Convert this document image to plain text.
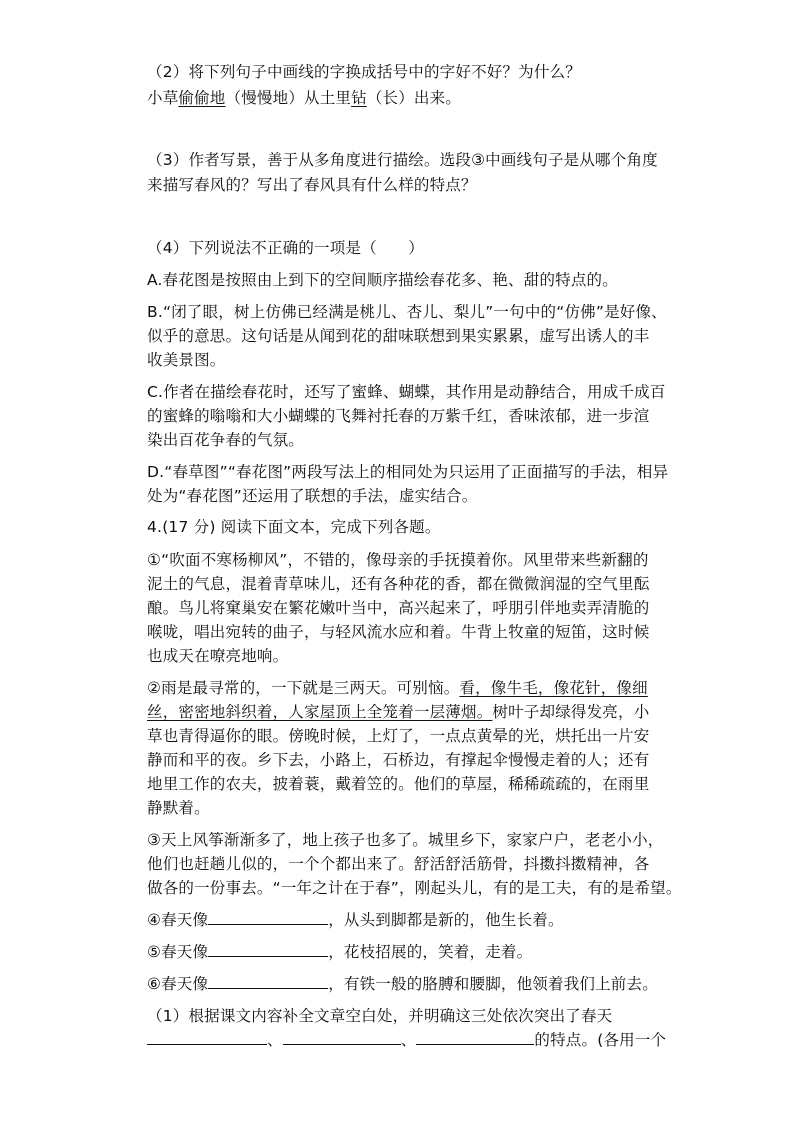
（2）将下列句子中画线的字换成括号中的字好不好？为什么？
小草偷偷地（慢慢地）从土里钻（长）出来。
（3）作者写景，善于从多角度进行描绘。选段③中画线句子是从哪个角度
来描写春风的？写出了春风具有什么样的特点？
（4）下列说法不正确的一项是（　　）
A.春花图是按照由上到下的空间顺序描绘春花多、艳、甜的特点的。
B.“闭了眼，树上仿佛已经满是桃儿、杏儿、梨儿”一句中的“仿佛”是好像、
似乎的意思。这句话是从闻到花的甜味联想到果实累累，虚写出诱人的丰
收美景图。
C.作者在描绘春花时，还写了蜜蜂、蝴蝶，其作用是动静结合，用成千成百
的蜜蜂的嗡嗡和大小蝴蝶的飞舞衬托春的万紫千红，香味浓郁，进一步渲
染出百花争春的气氛。
D.“春草图”“春花图”两段写法上的相同处为只运用了正面描写的手法，相异
处为“春花图”还运用了联想的手法，虚实结合。
4.(17 分) 阅读下面文本，完成下列各题。
①“吹面不寒杨柳风”，不错的，像母亲的手抚摸着你。风里带来些新翻的
泥土的气息，混着青草味儿，还有各种花的香，都在微微润湿的空气里酝
酿。鸟儿将窠巢安在繁花嫩叶当中，高兴起来了，呼朋引伴地卖弄清脆的
喉咙，唱出宛转的曲子，与轻风流水应和着。牛背上牧童的短笛，这时候
也成天在嘹亮地响。
②雨是最寻常的，一下就是三两天。可别恼。看，像牛毛，像花针，像细
丝，密密地斜织着，人家屋顶上全笼着一层薄烟。树叶子却绿得发亮，小
草也青得逼你的眼。傍晚时候，上灯了，一点点黄晕的光，烘托出一片安
静而和平的夜。乡下去，小路上，石桥边，有撑起伞慢慢走着的人；还有
地里工作的农夫，披着蓑，戴着笠的。他们的草屋，稀稀疏疏的，在雨里
静默着。
③天上风筝渐渐多了，地上孩子也多了。城里乡下，家家户户，老老小小，
他们也赶趟儿似的，一个个都出来了。舒活舒活筋骨，抖擞抖擞精神，各
做各的一份事去。“一年之计在于春”，刚起头儿，有的是工夫，有的是希望。
④春天像	，从头到脚都是新的，他生长着。
⑤春天像	，花枝招展的，笑着，走着。
⑥春天像	，有铁一般的胳膊和腰脚，他领着我们上前去。
（1）根据课文内容补全文章空白处，并明确这三处依次突出了春天
、	、	的特点。(各用一个
